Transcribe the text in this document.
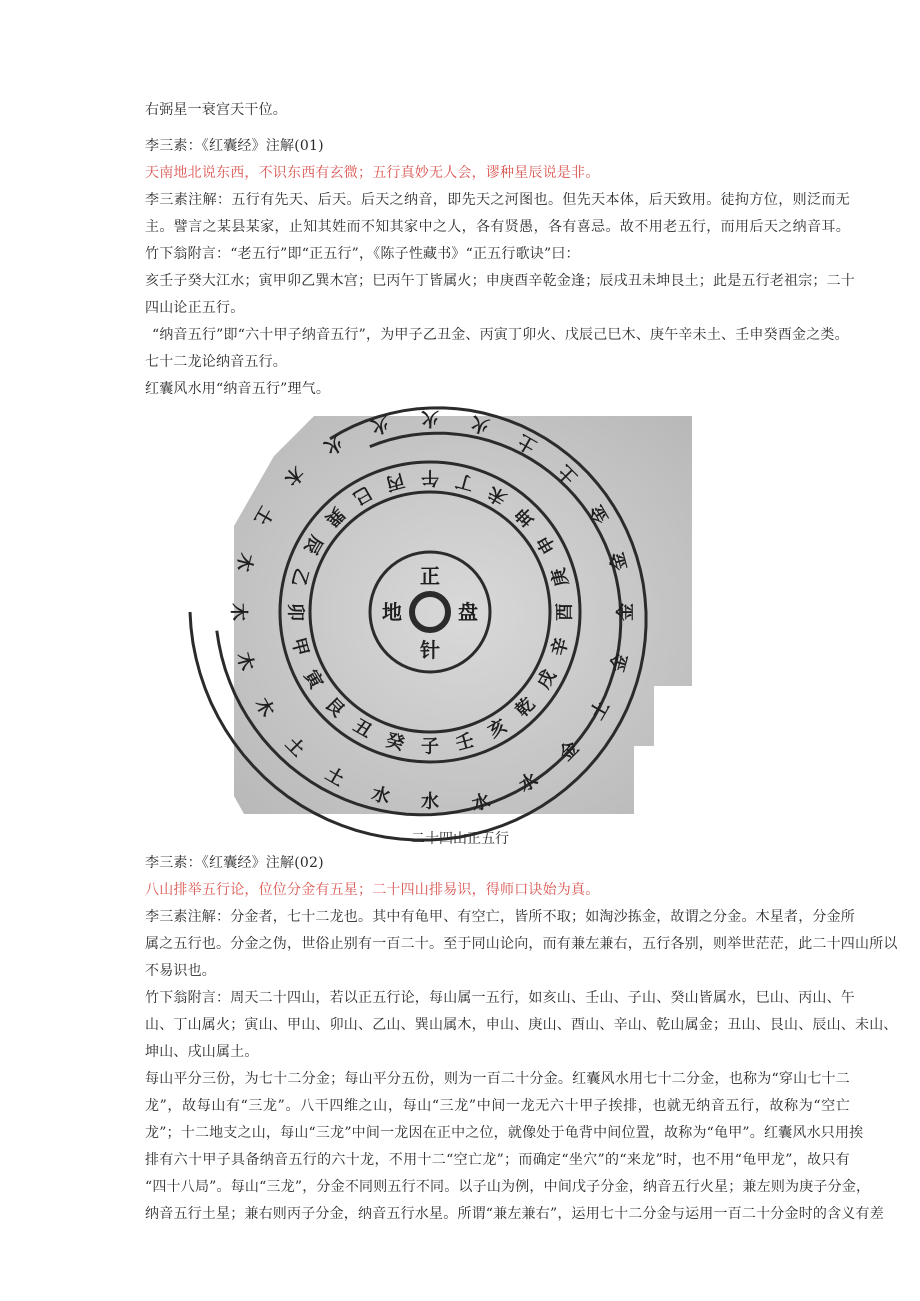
右弼星一衰宫天干位。
李三素：《红囊经》注解(01)
天南地北说东西，不识东西有玄微；五行真妙无人会，谬种星辰说是非。
李三素注解：五行有先天、后天。后天之纳音，即先天之河图也。但先天本体，后天致用。徒拘方位，则泛而无
主。譬言之某县某家，止知其姓而不知其家中之人，各有贤愚，各有喜忌。故不用老五行，而用后天之纳音耳。
竹下翁附言：“老五行”即“正五行”，《陈子性藏书》“正五行歌诀”曰：
亥壬子癸大江水；寅甲卯乙巽木宫；巳丙午丁皆属火；申庚酉辛乾金逢；辰戌丑未坤艮土；此是五行老祖宗；二十
四山论正五行。
“纳音五行”即“六十甲子纳音五行”，为甲子乙丑金、丙寅丁卯火、戊辰己巳木、庚午辛未土、壬申癸酉金之类。
七十二龙论纳音五行。
红囊风水用“纳音五行”理气。
正
盘
针
地
子
水
癸
水
丑
土
艮
土
寅
木
甲
木
卯
木
乙
木
辰
土 巽
木
巳
火
丙
火
午
火
丁
火
未
土
坤
土
申
金
庚
金
酉 金
辛
金
戌
土
乾
金
亥
水
壬
水
二十四山正五行
李三素：《红囊经》注解(02)
八山排举五行论，位位分金有五星；二十四山排易识，得师口诀始为真。
李三素注解：分金者，七十二龙也。其中有龟甲、有空亡，皆所不取；如淘沙拣金，故谓之分金。木星者，分金所
属之五行也。分金之伪，世俗止别有一百二十。至于同山论向，而有兼左兼右，五行各别，则举世茫茫，此二十四山所以
不易识也。
竹下翁附言：周天二十四山，若以正五行论，每山属一五行，如亥山、壬山、子山、癸山皆属水，巳山、丙山、午
山、丁山属火；寅山、甲山、卯山、乙山、巽山属木，申山、庚山、酉山、辛山、乾山属金；丑山、艮山、辰山、未山、
坤山、戌山属土。
每山平分三份，为七十二分金；每山平分五份，则为一百二十分金。红囊风水用七十二分金，也称为“穿山七十二
龙”，故每山有“三龙”。八干四维之山，每山“三龙”中间一龙无六十甲子挨排，也就无纳音五行，故称为“空亡
龙”；十二地支之山，每山“三龙”中间一龙因在正中之位，就像处于龟背中间位置，故称为“龟甲”。红囊风水只用挨
排有六十甲子具备纳音五行的六十龙，不用十二“空亡龙”；而确定“坐穴”的“来龙”时，也不用“龟甲龙”，故只有
“四十八局”。每山“三龙”，分金不同则五行不同。以子山为例，中间戊子分金，纳音五行火星；兼左则为庚子分金，
纳音五行土星；兼右则丙子分金，纳音五行水星。所谓“兼左兼右”，运用七十二分金与运用一百二十分金时的含义有差
